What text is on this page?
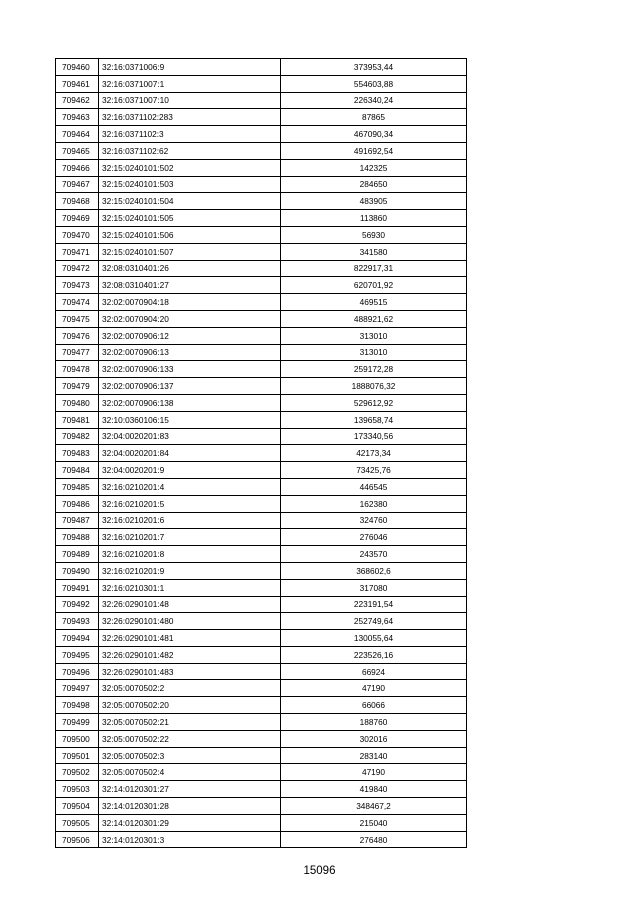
709460	32:16:0371006:9	373953,44
709461	32:16:0371007:1	554603,88
709462	32:16:0371007:10	226340,24
709463	32:16:0371102:283	87865
709464	32:16:0371102:3	467090,34
709465	32:16:0371102:62	491692,54
709466	32:15:0240101:502	142325
709467	32:15:0240101:503	284650
709468	32:15:0240101:504	483905
709469	32:15:0240101:505	113860
709470	32:15:0240101:506	56930
709471	32:15:0240101:507	341580
709472	32:08:0310401:26	822917,31
709473	32:08:0310401:27	620701,92
709474	32:02:0070904:18	469515
709475	32:02:0070904:20	488921,62
709476	32:02:0070906:12	313010
709477	32:02:0070906:13	313010
709478	32:02:0070906:133	259172,28
709479	32:02:0070906:137	1888076,32
709480	32:02:0070906:138	529612,92
709481	32:10:0360106:15	139658,74
709482	32:04:0020201:83	173340,56
709483	32:04:0020201:84	42173,34
709484	32:04:0020201:9	73425,76
709485	32:16:0210201:4	446545
709486	32:16:0210201:5	162380
709487	32:16:0210201:6	324760
709488	32:16:0210201:7	276046
709489	32:16:0210201:8	243570
709490	32:16:0210201:9	368602,6
709491	32:16:0210301:1	317080
709492	32:26:0290101:48	223191,54
709493	32:26:0290101:480	252749,64
709494	32:26:0290101:481	130055,64
709495	32:26:0290101:482	223526,16
709496	32:26:0290101:483	66924
709497	32:05:0070502:2	47190
709498	32:05:0070502:20	66066
709499	32:05:0070502:21	188760
709500	32:05:0070502:22	302016
709501	32:05:0070502:3	283140
709502	32:05:0070502:4	47190
709503	32:14:0120301:27	419840
709504	32:14:0120301:28	348467,2
709505	32:14:0120301:29	215040
709506	32:14:0120301:3	276480
15096
